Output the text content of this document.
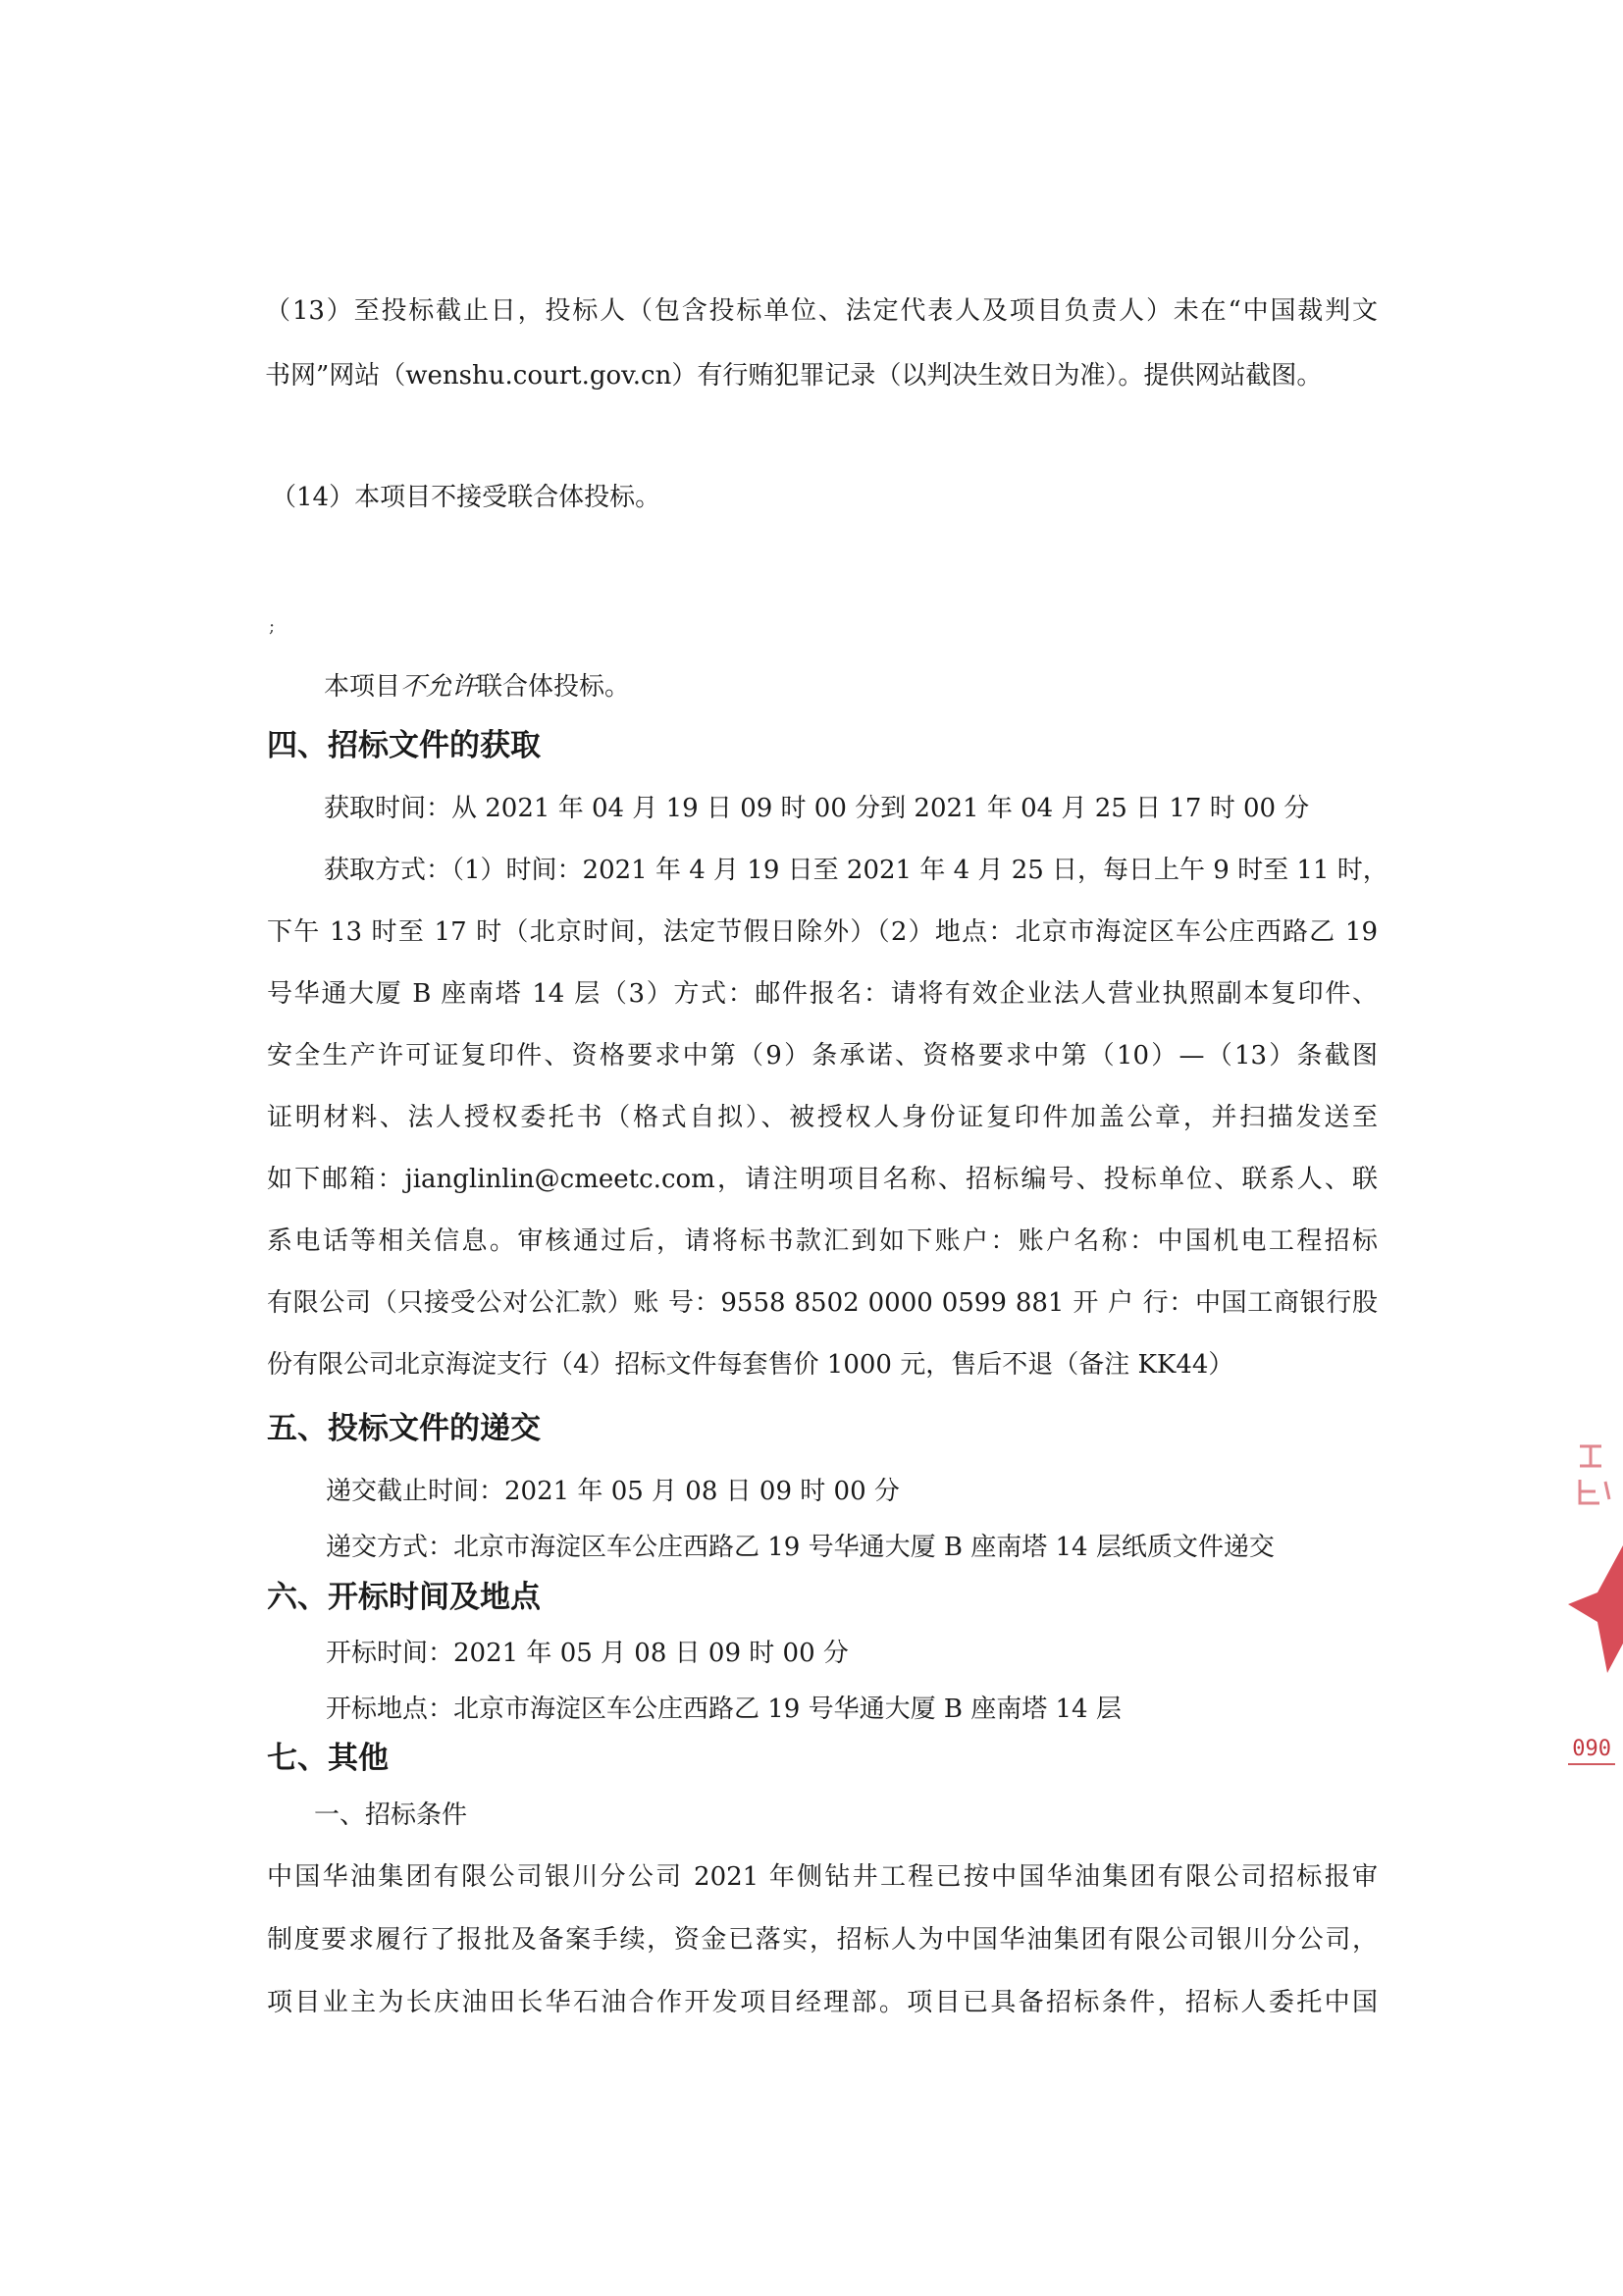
（13）至投标截止日，投标人（包含投标单位、法定代表人及项目负责人）未在“中国裁判文
书网”网站（wenshu.court.gov.cn）有行贿犯罪记录（以判决生效日为准）。提供网站截图。
（14）本项目不接受联合体投标。
;
本项目不允许联合体投标。
四、招标文件的获取
获取时间：从 2021 年 04 月 19 日 09 时 00 分到 2021 年 04 月 25 日 17 时 00 分
获取方式：（1）时间：2021 年 4 月 19 日至 2021 年 4 月 25 日，每日上午 9 时至 11 时，
下午 13 时至 17 时（北京时间，法定节假日除外）（2）地点：北京市海淀区车公庄西路乙 19
号华通大厦 B 座南塔 14 层（3）方式：邮件报名：请将有效企业法人营业执照副本复印件、
安全生产许可证复印件、资格要求中第（9）条承诺、资格要求中第（10）—（13）条截图
证明材料、法人授权委托书（格式自拟）、被授权人身份证复印件加盖公章，并扫描发送至
如下邮箱：jianglinlin@cmeetc.com，请注明项目名称、招标编号、投标单位、联系人、联
系电话等相关信息。审核通过后，请将标书款汇到如下账户：账户名称：中国机电工程招标
有限公司（只接受公对公汇款）账 号：9558 8502 0000 0599 881 开 户 行：中国工商银行股
份有限公司北京海淀支行（4）招标文件每套售价 1000 元，售后不退（备注 KK44）
五、投标文件的递交
递交截止时间：2021 年 05 月 08 日 09 时 00 分
递交方式：北京市海淀区车公庄西路乙 19 号华通大厦 B 座南塔 14 层纸质文件递交
六、开标时间及地点
开标时间：2021 年 05 月 08 日 09 时 00 分
开标地点：北京市海淀区车公庄西路乙 19 号华通大厦 B 座南塔 14 层
七、其他
一、招标条件
中国华油集团有限公司银川分公司 2021 年侧钻井工程已按中国华油集团有限公司招标报审
制度要求履行了报批及备案手续，资金已落实，招标人为中国华油集团有限公司银川分公司，
项目业主为长庆油田长华石油合作开发项目经理部。项目已具备招标条件，招标人委托中国
090
